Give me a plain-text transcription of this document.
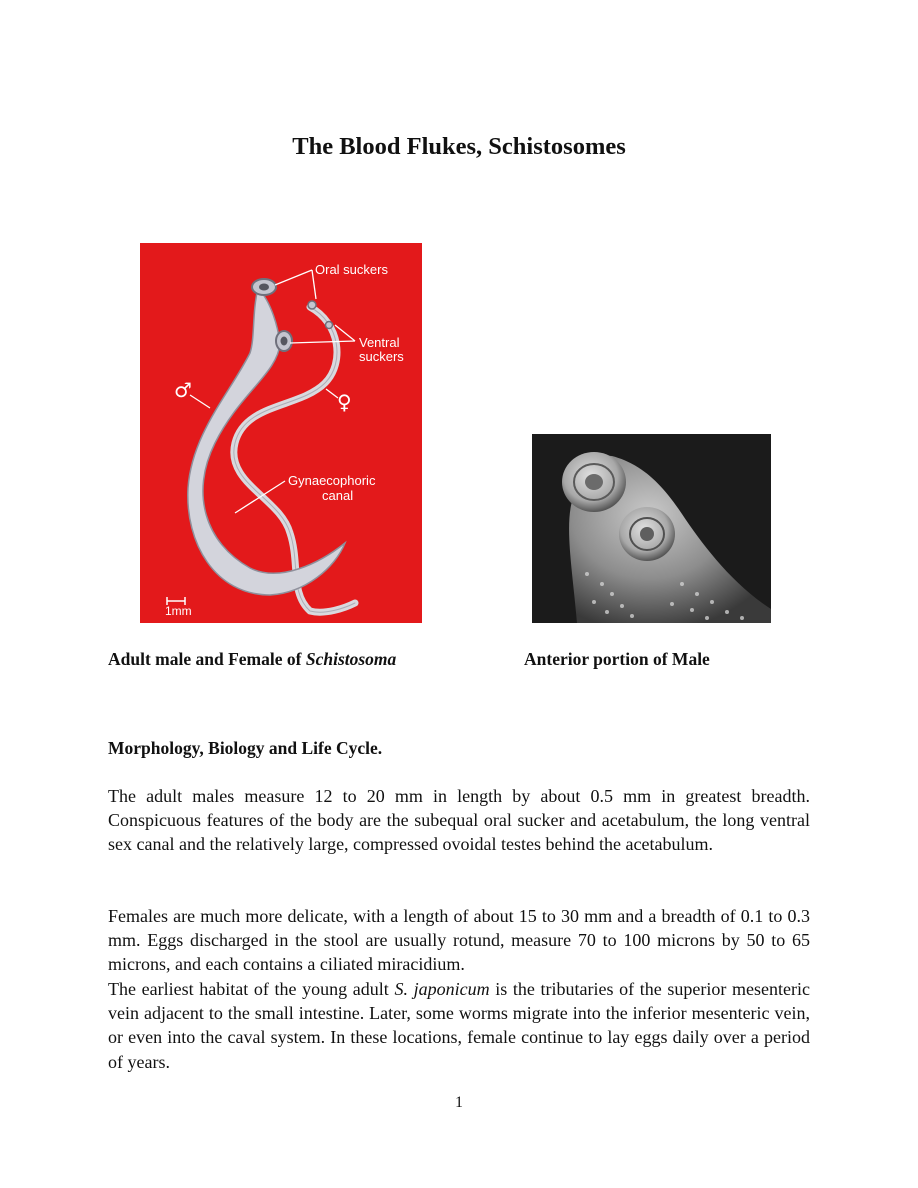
The Blood Flukes, Schistosomes
Oral suckers
Ventral
suckers
♂	♀
Gynaecophoric
canal
1mm

Adult male and Female of Schistosoma	Anterior portion of Male

Morphology, Biology and Life Cycle.

The adult males measure 12 to 20 mm in length by about 0.5 mm in greatest breadth. Conspicuous features of the body are the subequal oral sucker and acetabulum, the long ventral sex canal and the relatively large, compressed ovoidal testes behind the acetabulum.

Females are much more delicate, with a length of about 15 to 30 mm and a breadth of 0.1 to 0.3 mm. Eggs discharged in the stool are usually rotund, measure 70 to 100 microns by 50 to 65 microns, and each contains a ciliated miracidium.

The earliest habitat of the young adult S. japonicum is the tributaries of the superior mesenteric vein adjacent to the small intestine. Later, some worms migrate into the inferior mesenteric vein, or even into the caval system. In these locations, female continue to lay eggs daily over a period of years.

1
